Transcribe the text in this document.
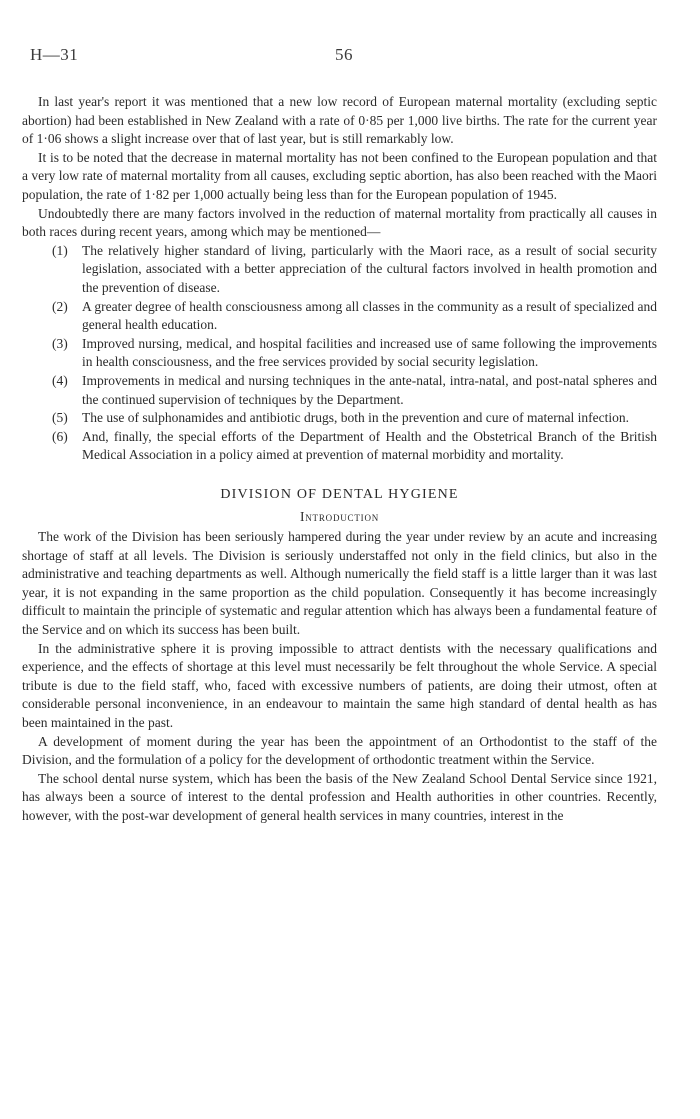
H—31	56

In last year's report it was mentioned that a new low record of European maternal mortality (excluding septic abortion) had been established in New Zealand with a rate of 0·85 per 1,000 live births. The rate for the current year of 1·06 shows a slight increase over that of last year, but is still remarkably low.

It is to be noted that the decrease in maternal mortality has not been confined to the European population and that a very low rate of maternal mortality from all causes, excluding septic abortion, has also been reached with the Maori population, the rate of 1·82 per 1,000 actually being less than for the European population of 1945.

Undoubtedly there are many factors involved in the reduction of maternal mortality from practically all causes in both races during recent years, among which may be mentioned—

(1) The relatively higher standard of living, particularly with the Maori race, as a result of social security legislation, associated with a better appreciation of the cultural factors involved in health promotion and the prevention of disease.
(2) A greater degree of health consciousness among all classes in the community as a result of specialized and general health education.
(3) Improved nursing, medical, and hospital facilities and increased use of same following the improvements in health consciousness, and the free services provided by social security legislation.
(4) Improvements in medical and nursing techniques in the ante-natal, intra-natal, and post-natal spheres and the continued supervision of techniques by the Department.
(5) The use of sulphonamides and antibiotic drugs, both in the prevention and cure of maternal infection.
(6) And, finally, the special efforts of the Department of Health and the Obstetrical Branch of the British Medical Association in a policy aimed at prevention of maternal morbidity and mortality.
DIVISION OF DENTAL HYGIENE
Introduction

The work of the Division has been seriously hampered during the year under review by an acute and increasing shortage of staff at all levels. The Division is seriously understaffed not only in the field clinics, but also in the administrative and teaching departments as well. Although numerically the field staff is a little larger than it was last year, it is not expanding in the same proportion as the child population. Consequently it has become increasingly difficult to maintain the principle of systematic and regular attention which has always been a fundamental feature of the Service and on which its success has been built.

In the administrative sphere it is proving impossible to attract dentists with the necessary qualifications and experience, and the effects of shortage at this level must necessarily be felt throughout the whole Service. A special tribute is due to the field staff, who, faced with excessive numbers of patients, are doing their utmost, often at considerable personal inconvenience, in an endeavour to maintain the same high standard of dental health as has been maintained in the past.

A development of moment during the year has been the appointment of an Orthodontist to the staff of the Division, and the formulation of a policy for the development of orthodontic treatment within the Service.

The school dental nurse system, which has been the basis of the New Zealand School Dental Service since 1921, has always been a source of interest to the dental profession and Health authorities in other countries. Recently, however, with the post-war development of general health services in many countries, interest in the
